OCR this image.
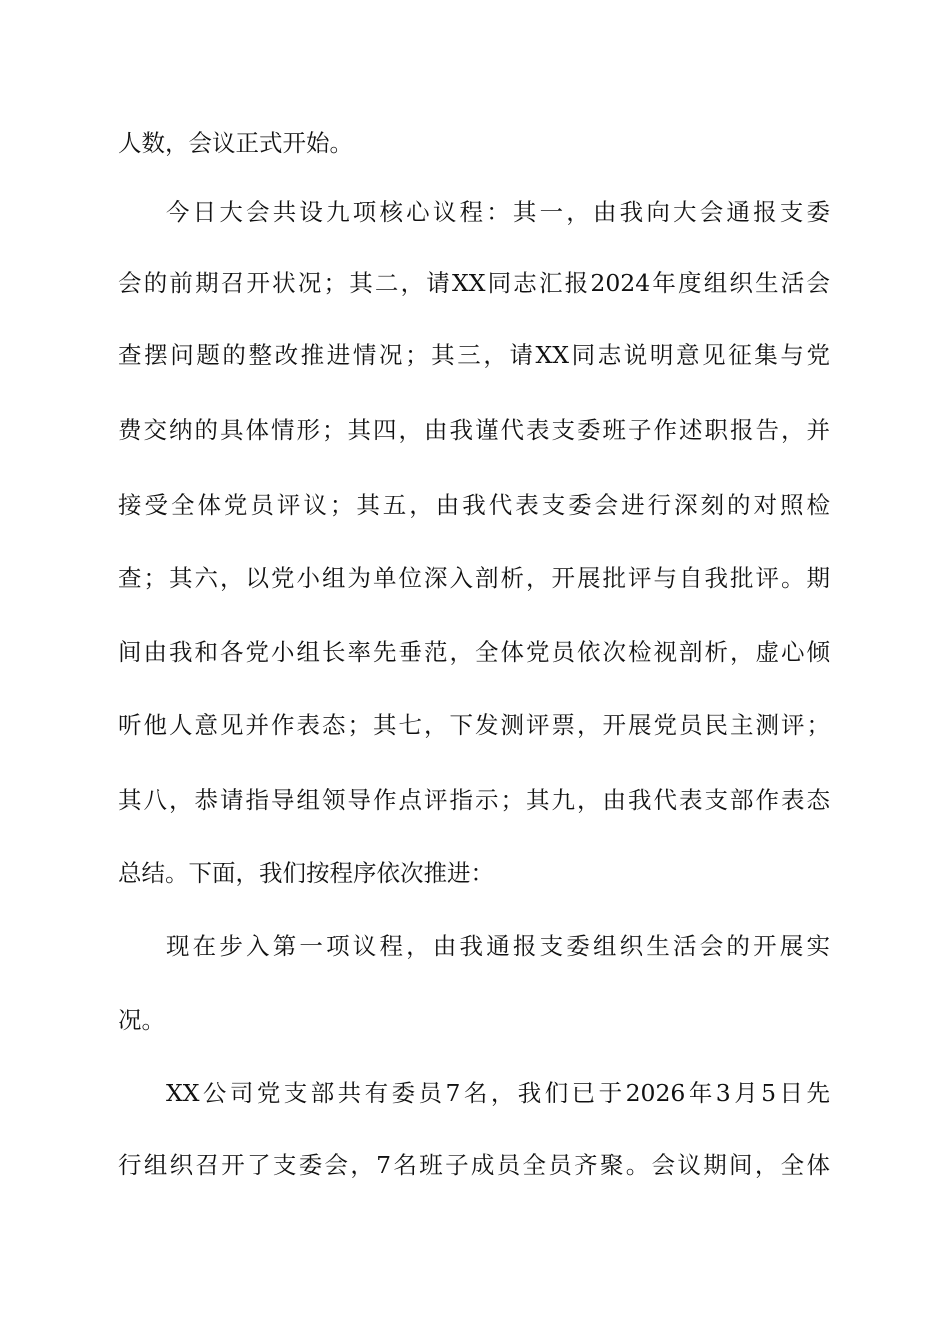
人数，会议正式开始。
今日大会共设九项核心议程：其一，由我向大会通报支委
会的前期召开状况；其二，请XX同志汇报2024年度组织生活会
查摆问题的整改推进情况；其三，请XX同志说明意见征集与党
费交纳的具体情形；其四，由我谨代表支委班子作述职报告，并
接受全体党员评议；其五，由我代表支委会进行深刻的对照检
查；其六，以党小组为单位深入剖析，开展批评与自我批评。期
间由我和各党小组长率先垂范，全体党员依次检视剖析，虚心倾
听他人意见并作表态；其七，下发测评票，开展党员民主测评；
其八，恭请指导组领导作点评指示；其九，由我代表支部作表态
总结。下面，我们按程序依次推进：
现在步入第一项议程，由我通报支委组织生活会的开展实
况。
XX公司党支部共有委员7名，我们已于2026年3月5日先
行组织召开了支委会，7名班子成员全员齐聚。会议期间，全体
